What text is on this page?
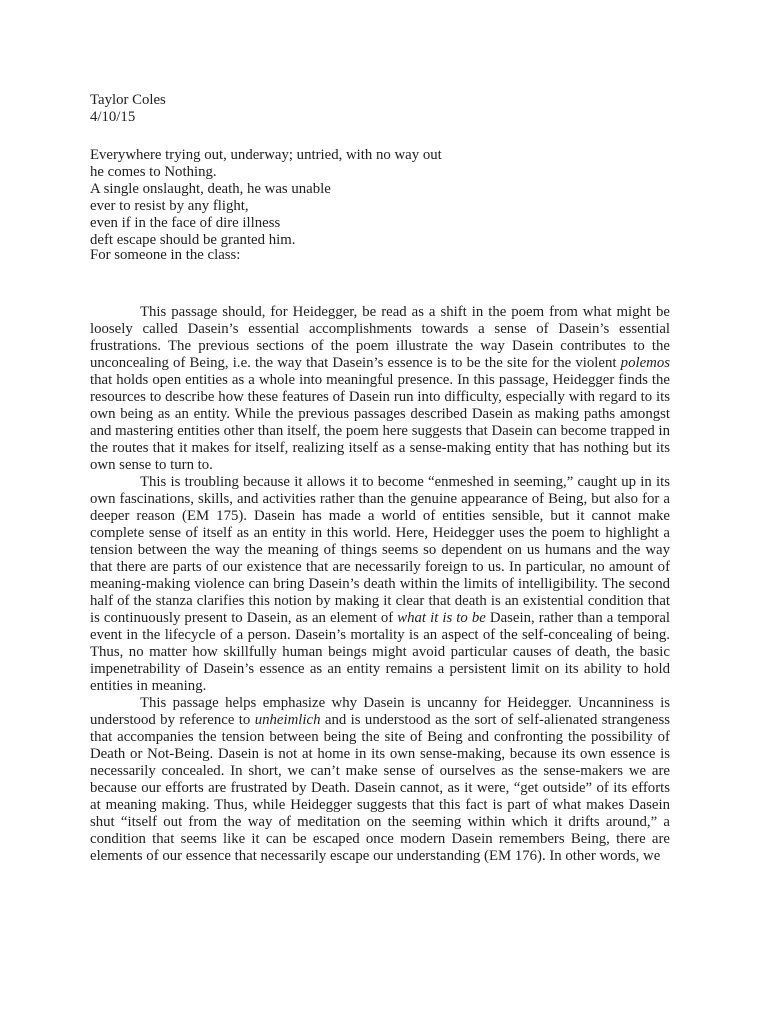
Taylor Coles
4/10/15
Everywhere trying out, underway; untried, with no way out
he comes to Nothing.
A single onslaught, death, he was unable
ever to resist by any flight,
even if in the face of dire illness
deft escape should be granted him.
For someone in the class:

This passage should, for Heidegger, be read as a shift in the poem from what might be loosely called Dasein’s essential accomplishments towards a sense of Dasein’s essential frustrations. The previous sections of the poem illustrate the way Dasein contributes to the unconcealing of Being, i.e. the way that Dasein’s essence is to be the site for the violent polemos that holds open entities as a whole into meaningful presence. In this passage, Heidegger finds the resources to describe how these features of Dasein run into difficulty, especially with regard to its own being as an entity. While the previous passages described Dasein as making paths amongst and mastering entities other than itself, the poem here suggests that Dasein can become trapped in the routes that it makes for itself, realizing itself as a sense-making entity that has nothing but its own sense to turn to.

This is troubling because it allows it to become “enmeshed in seeming,” caught up in its own fascinations, skills, and activities rather than the genuine appearance of Being, but also for a deeper reason (EM 175). Dasein has made a world of entities sensible, but it cannot make complete sense of itself as an entity in this world. Here, Heidegger uses the poem to highlight a tension between the way the meaning of things seems so dependent on us humans and the way that there are parts of our existence that are necessarily foreign to us. In particular, no amount of meaning-making violence can bring Dasein’s death within the limits of intelligibility. The second half of the stanza clarifies this notion by making it clear that death is an existential condition that is continuously present to Dasein, as an element of what it is to be Dasein, rather than a temporal event in the lifecycle of a person. Dasein’s mortality is an aspect of the self-concealing of being. Thus, no matter how skillfully human beings might avoid particular causes of death, the basic impenetrability of Dasein’s essence as an entity remains a persistent limit on its ability to hold entities in meaning.

This passage helps emphasize why Dasein is uncanny for Heidegger. Uncanniness is understood by reference to unheimlich and is understood as the sort of self-alienated strangeness that accompanies the tension between being the site of Being and confronting the possibility of Death or Not-Being. Dasein is not at home in its own sense-making, because its own essence is necessarily concealed. In short, we can’t make sense of ourselves as the sense-makers we are because our efforts are frustrated by Death. Dasein cannot, as it were, “get outside” of its efforts at meaning making. Thus, while Heidegger suggests that this fact is part of what makes Dasein shut “itself out from the way of meditation on the seeming within which it drifts around,” a condition that seems like it can be escaped once modern Dasein remembers Being, there are elements of our essence that necessarily escape our understanding (EM 176). In other words, we
